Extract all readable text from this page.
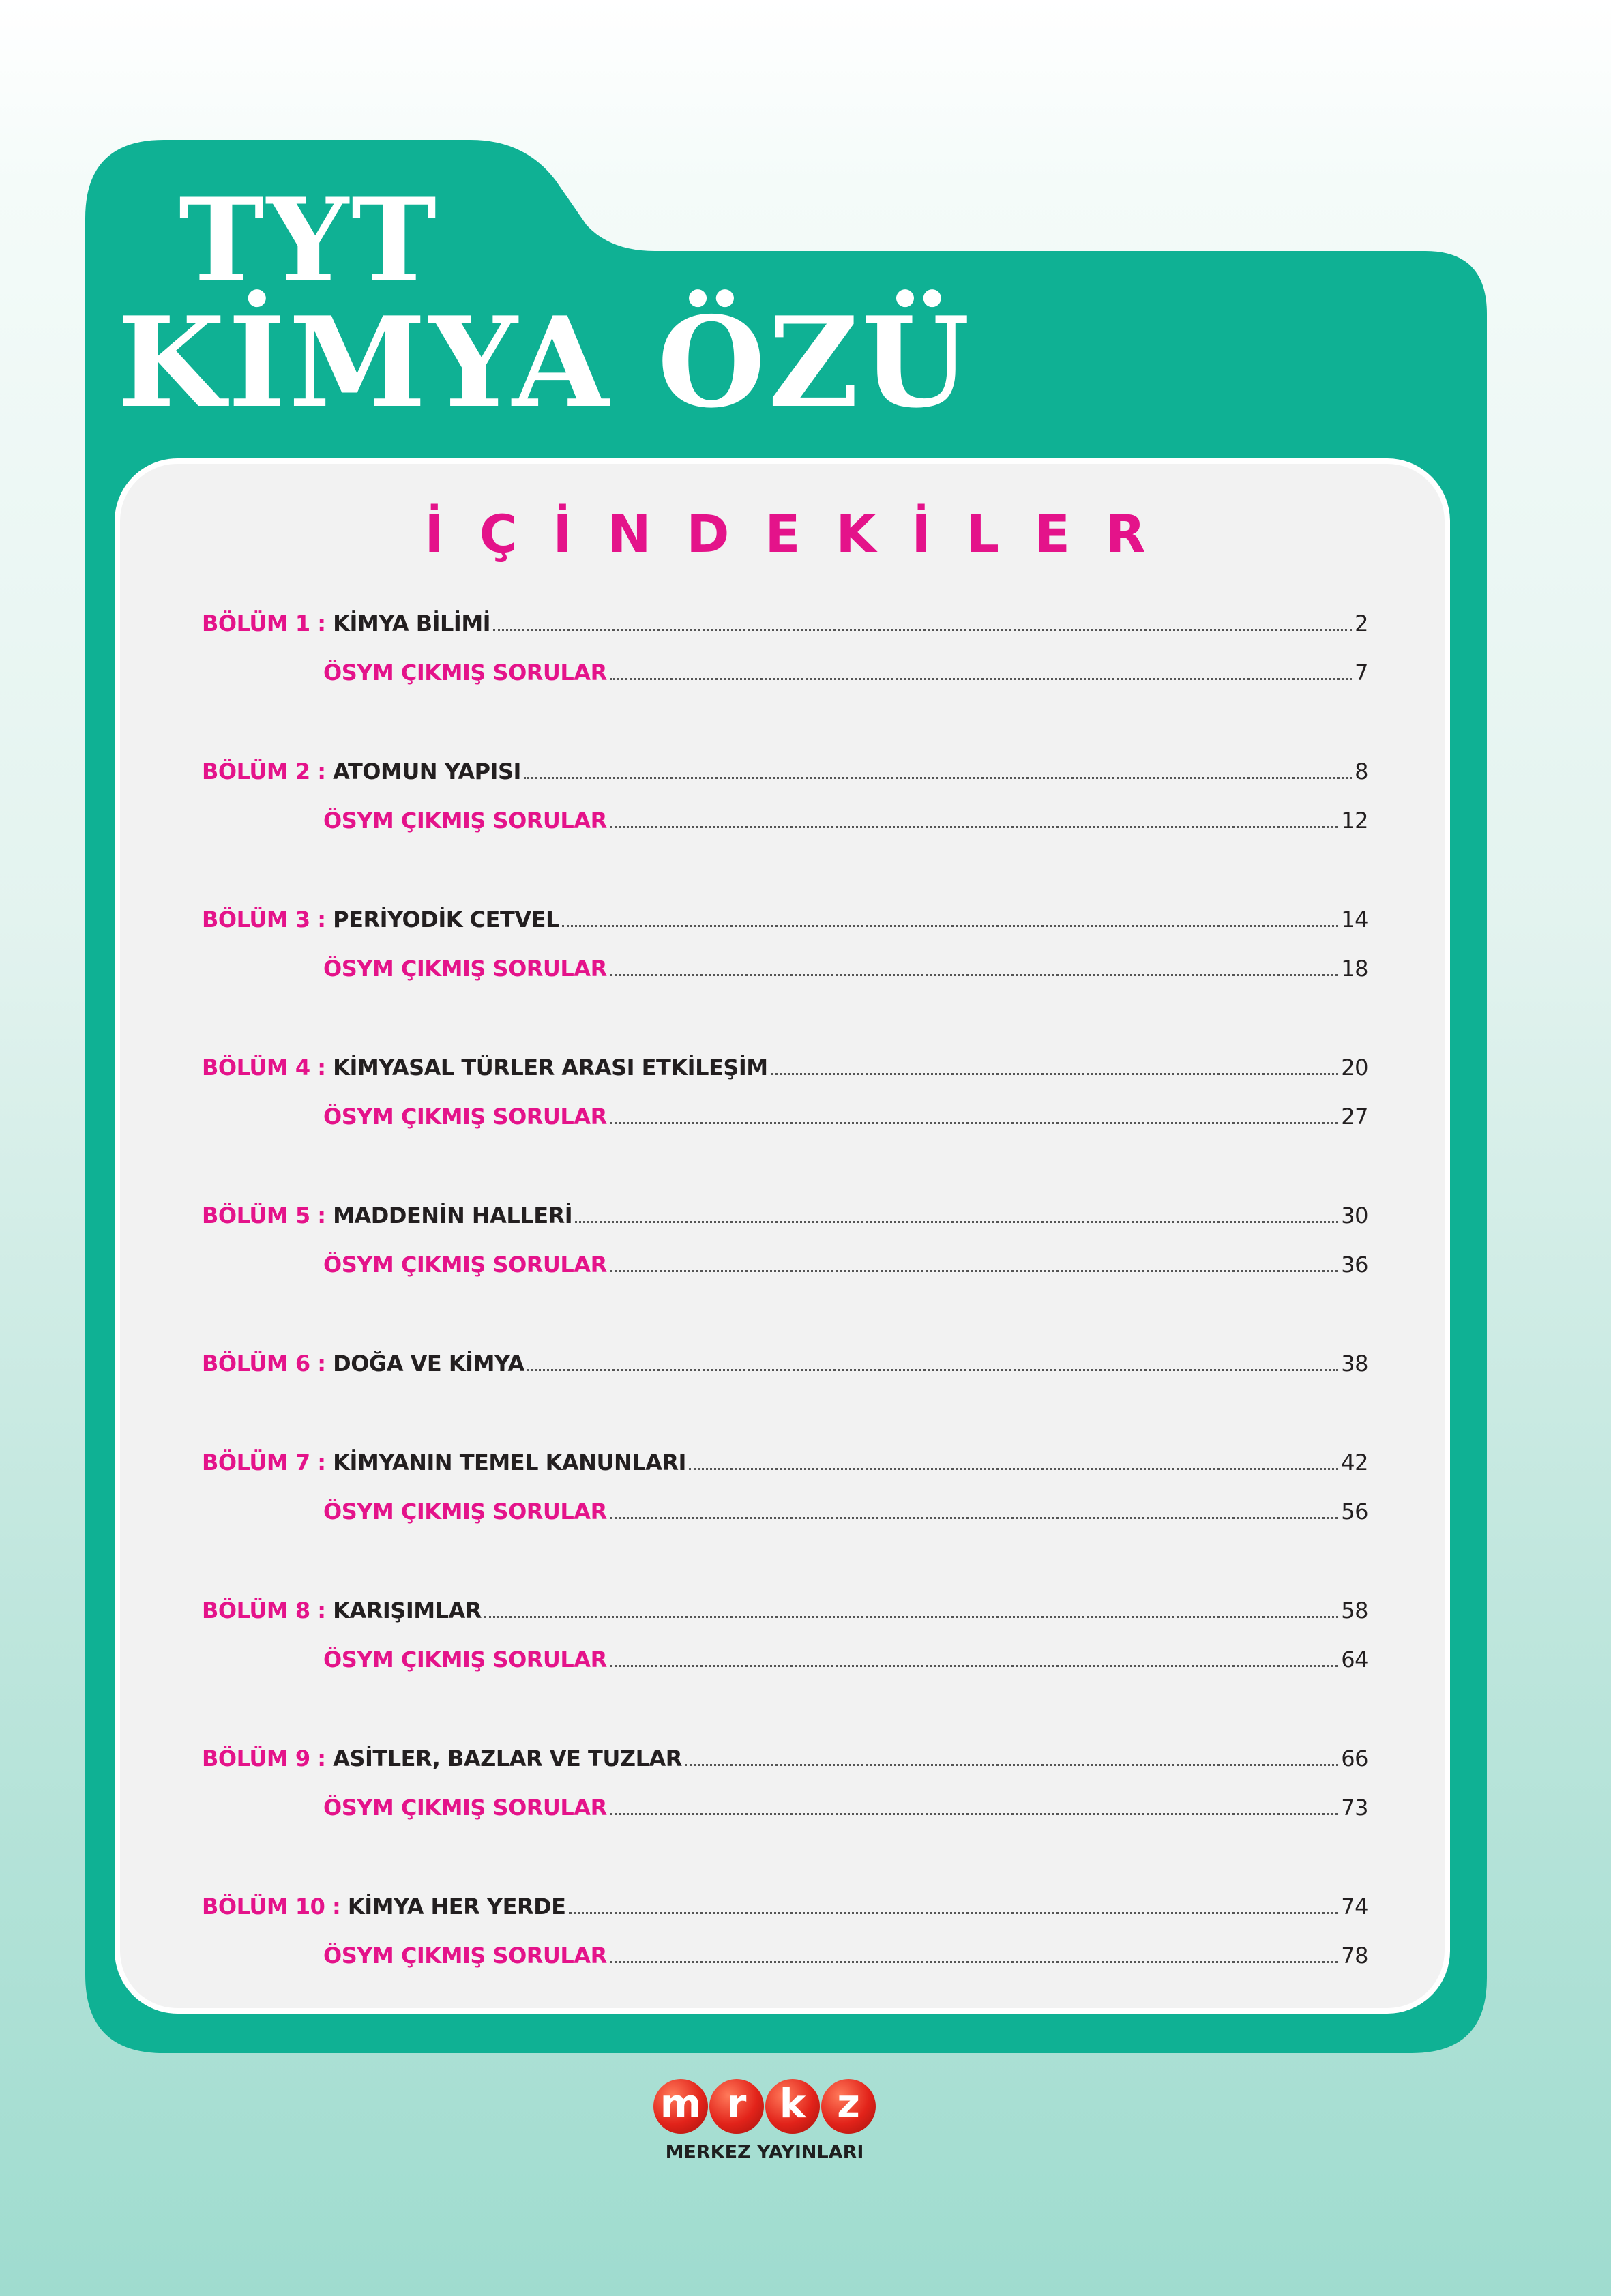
TYT
KİMYA ÖZÜ
İÇİNDEKİLER
BÖLÜM 1 : KİMYA BİLİMİ	2
ÖSYM ÇIKMIŞ SORULAR	7
BÖLÜM 2 : ATOMUN YAPISI	8
ÖSYM ÇIKMIŞ SORULAR	12
BÖLÜM 3 : PERİYODİK CETVEL	14
ÖSYM ÇIKMIŞ SORULAR	18
BÖLÜM 4 : KİMYASAL TÜRLER ARASI ETKİLEŞİM	20
ÖSYM ÇIKMIŞ SORULAR	27
BÖLÜM 5 : MADDENİN HALLERİ	30
ÖSYM ÇIKMIŞ SORULAR	36
BÖLÜM 6 : DOĞA VE KİMYA	38
BÖLÜM 7 : KİMYANIN TEMEL KANUNLARI	42
ÖSYM ÇIKMIŞ SORULAR	56
BÖLÜM 8 : KARIŞIMLAR	58
ÖSYM ÇIKMIŞ SORULAR	64
BÖLÜM 9 : ASİTLER, BAZLAR VE TUZLAR	66
ÖSYM ÇIKMIŞ SORULAR	73
BÖLÜM 10 : KİMYA HER YERDE	74
ÖSYM ÇIKMIŞ SORULAR	78
m r k z
MERKEZ YAYINLARI
